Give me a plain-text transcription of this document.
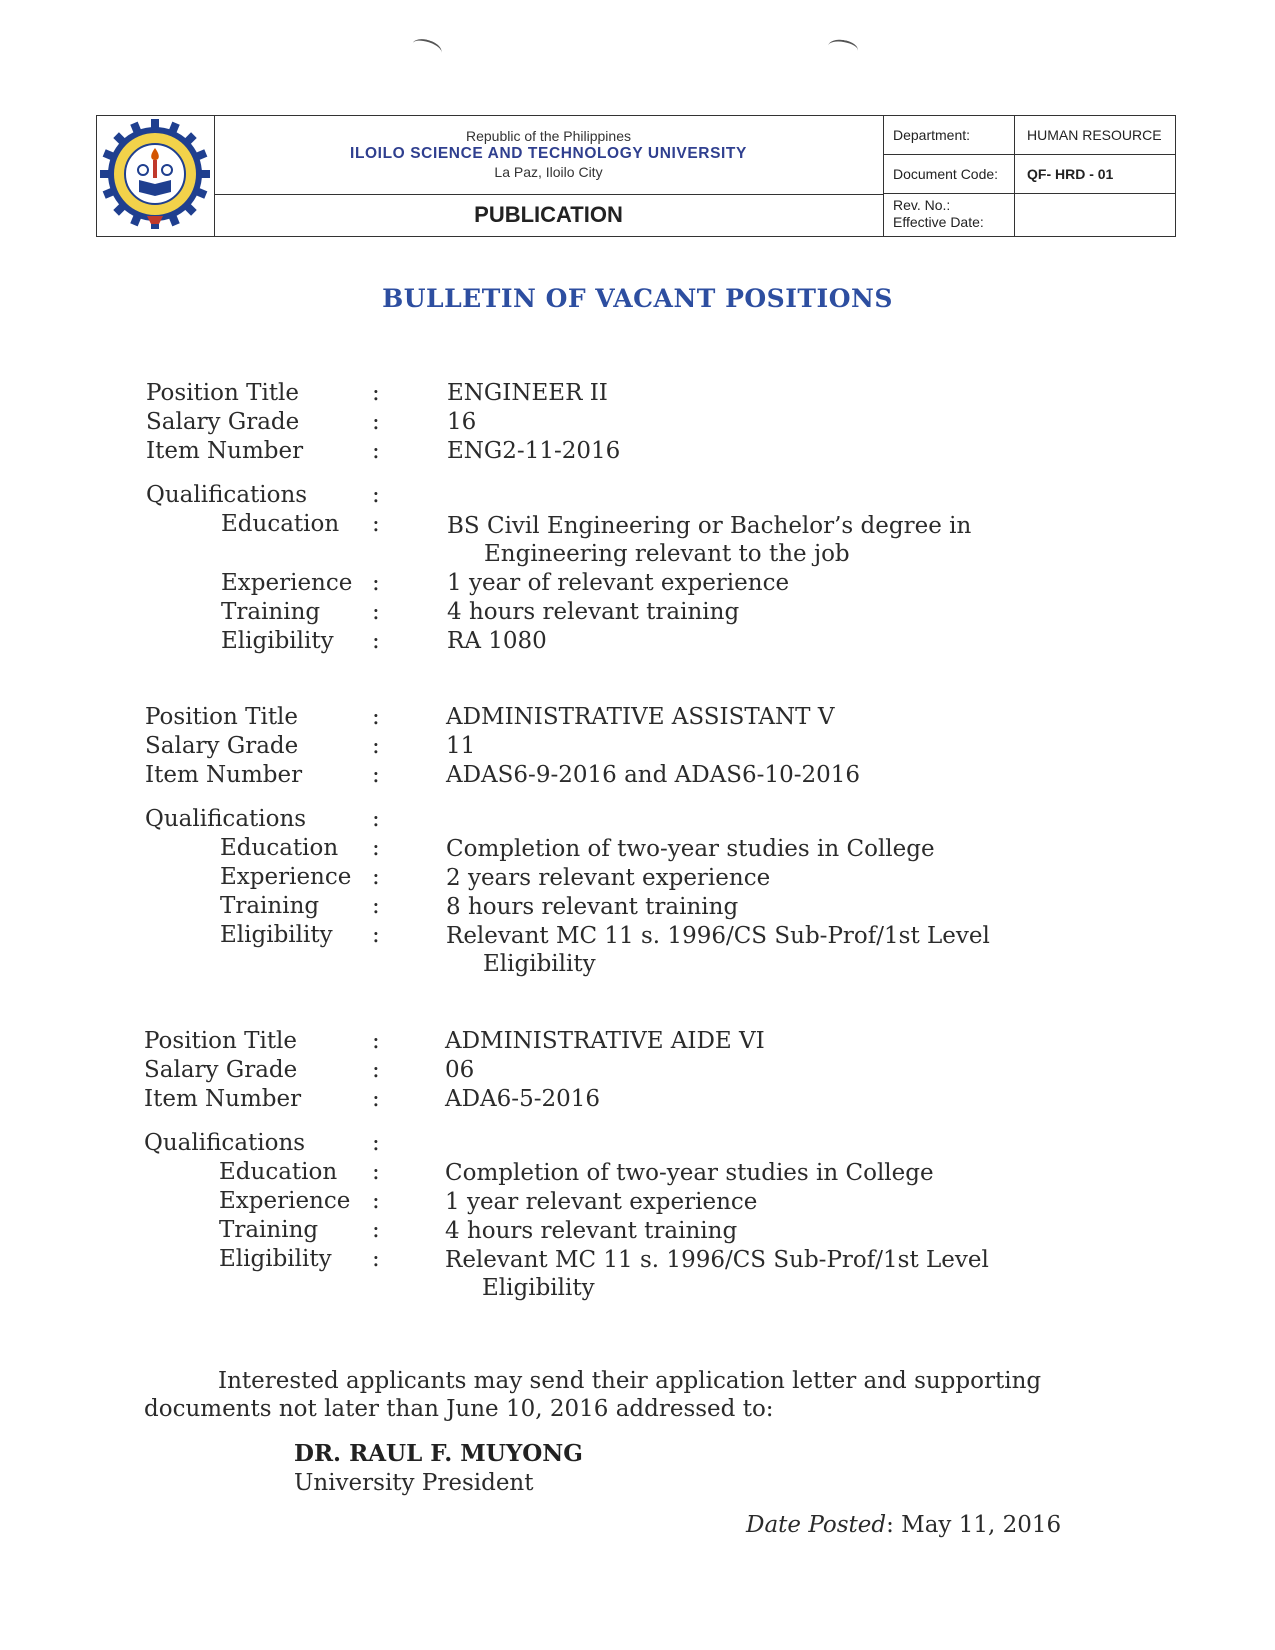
Republic of the Philippines
ILOILO SCIENCE AND TECHNOLOGY UNIVERSITY
La Paz, Iloilo City
PUBLICATION
Department:	HUMAN RESOURCE
Document Code:	QF- HRD - 01
Rev. No.:
Effective Date:
BULLETIN OF VACANT POSITIONS
Position Title	:	ENGINEER II
Salary Grade	:	16
Item Number	:	ENG2-11-2016
Qualifications	:
Education :	BS Civil Engineering or Bachelor’s degree in
Engineering relevant to the job
Experience :	1 year of relevant experience
Training :	4 hours relevant training
Eligibility :	RA 1080
Position Title	:	ADMINISTRATIVE ASSISTANT V
Salary Grade	:	11
Item Number	:	ADAS6-9-2016 and ADAS6-10-2016
Qualifications	:
Education :	Completion of two-year studies in College
Experience :	2 years relevant experience
Training :	8 hours relevant training
Eligibility :	Relevant MC 11 s. 1996/CS Sub-Prof/1st Level
Eligibility
Position Title	:	ADMINISTRATIVE AIDE VI
Salary Grade	:	06
Item Number	:	ADA6-5-2016
Qualifications	:
Education :	Completion of two-year studies in College
Experience :	1 year relevant experience
Training :	4 hours relevant training
Eligibility :	Relevant MC 11 s. 1996/CS Sub-Prof/1st Level
Eligibility
Interested applicants may send their application letter and supporting
documents not later than June 10, 2016 addressed to:
DR. RAUL F. MUYONG
University President
Date Posted: May 11, 2016
